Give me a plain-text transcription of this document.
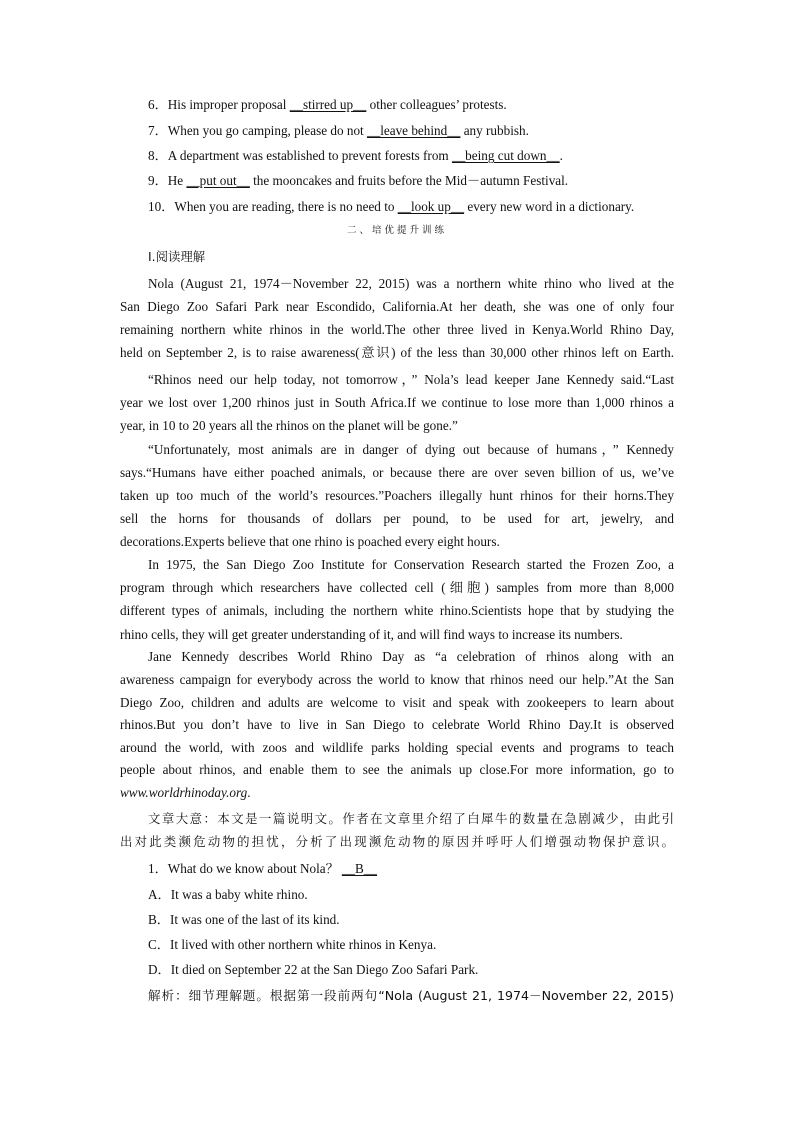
6．His improper proposal __stirred up__ other colleagues’ protests.
7．When you go camping, please do not __leave behind__ any rubbish.
8．A department was established to prevent forests from __being cut down__.
9．He __put out__ the mooncakes and fruits before the Mid－autumn Festival.
10．When you are reading, there is no need to __look up__ every new word in a dictionary.
二、培优提升训练
Ⅰ.阅读理解
Nola (August 21, 1974－November 22, 2015) was a northern white rhino who lived at the
San Diego Zoo Safari Park near Escondido, California.At her death, she was one of only four
remaining northern white rhinos in the world.The other three lived in Kenya.World Rhino Day,
held on September 2, is to raise awareness(意识) of the less than 30,000 other rhinos left on Earth.
“Rhinos need our help today, not tomorrow，” Nola’s lead keeper Jane Kennedy said.“Last
year we lost over 1,200 rhinos just in South Africa.If we continue to lose more than 1,000 rhinos a
year, in 10 to 20 years all the rhinos on the planet will be gone.”
“Unfortunately, most animals are in danger of dying out because of humans，” Kennedy
says.“Humans have either poached animals, or because there are over seven billion of us, we’ve
taken up too much of the world’s resources.”Poachers illegally hunt rhinos for their horns.They
sell the horns for thousands of dollars per pound, to be used for art, jewelry, and
decorations.Experts believe that one rhino is poached every eight hours.
In 1975, the San Diego Zoo Institute for Conservation Research started the Frozen Zoo, a
program through which researchers have collected cell (细胞) samples from more than 8,000
different types of animals, including the northern white rhino.Scientists hope that by studying the
rhino cells, they will get greater understanding of it, and will find ways to increase its numbers.
Jane Kennedy describes World Rhino Day as “a celebration of rhinos along with an
awareness campaign for everybody across the world to know that rhinos need our help.”At the San
Diego Zoo, children and adults are welcome to visit and speak with zookeepers to learn about
rhinos.But you don’t have to live in San Diego to celebrate World Rhino Day.It is observed
around the world, with zoos and wildlife parks holding special events and programs to teach
people about rhinos, and enable them to see the animals up close.For more information, go to
www.worldrhinoday.org.
文章大意：本文是一篇说明文。作者在文章里介绍了白犀牛的数量在急剧减少，由此引
出对此类濒危动物的担忧，分析了出现濒危动物的原因并呼吁人们增强动物保护意识。
1．What do we know about Nola？ __B__
A．It was a baby white rhino.
B．It was one of the last of its kind.
C．It lived with other northern white rhinos in Kenya.
D．It died on September 22 at the San Diego Zoo Safari Park.
解析：细节理解题。根据第一段前两句“Nola (August 21, 1974－November 22, 2015)
